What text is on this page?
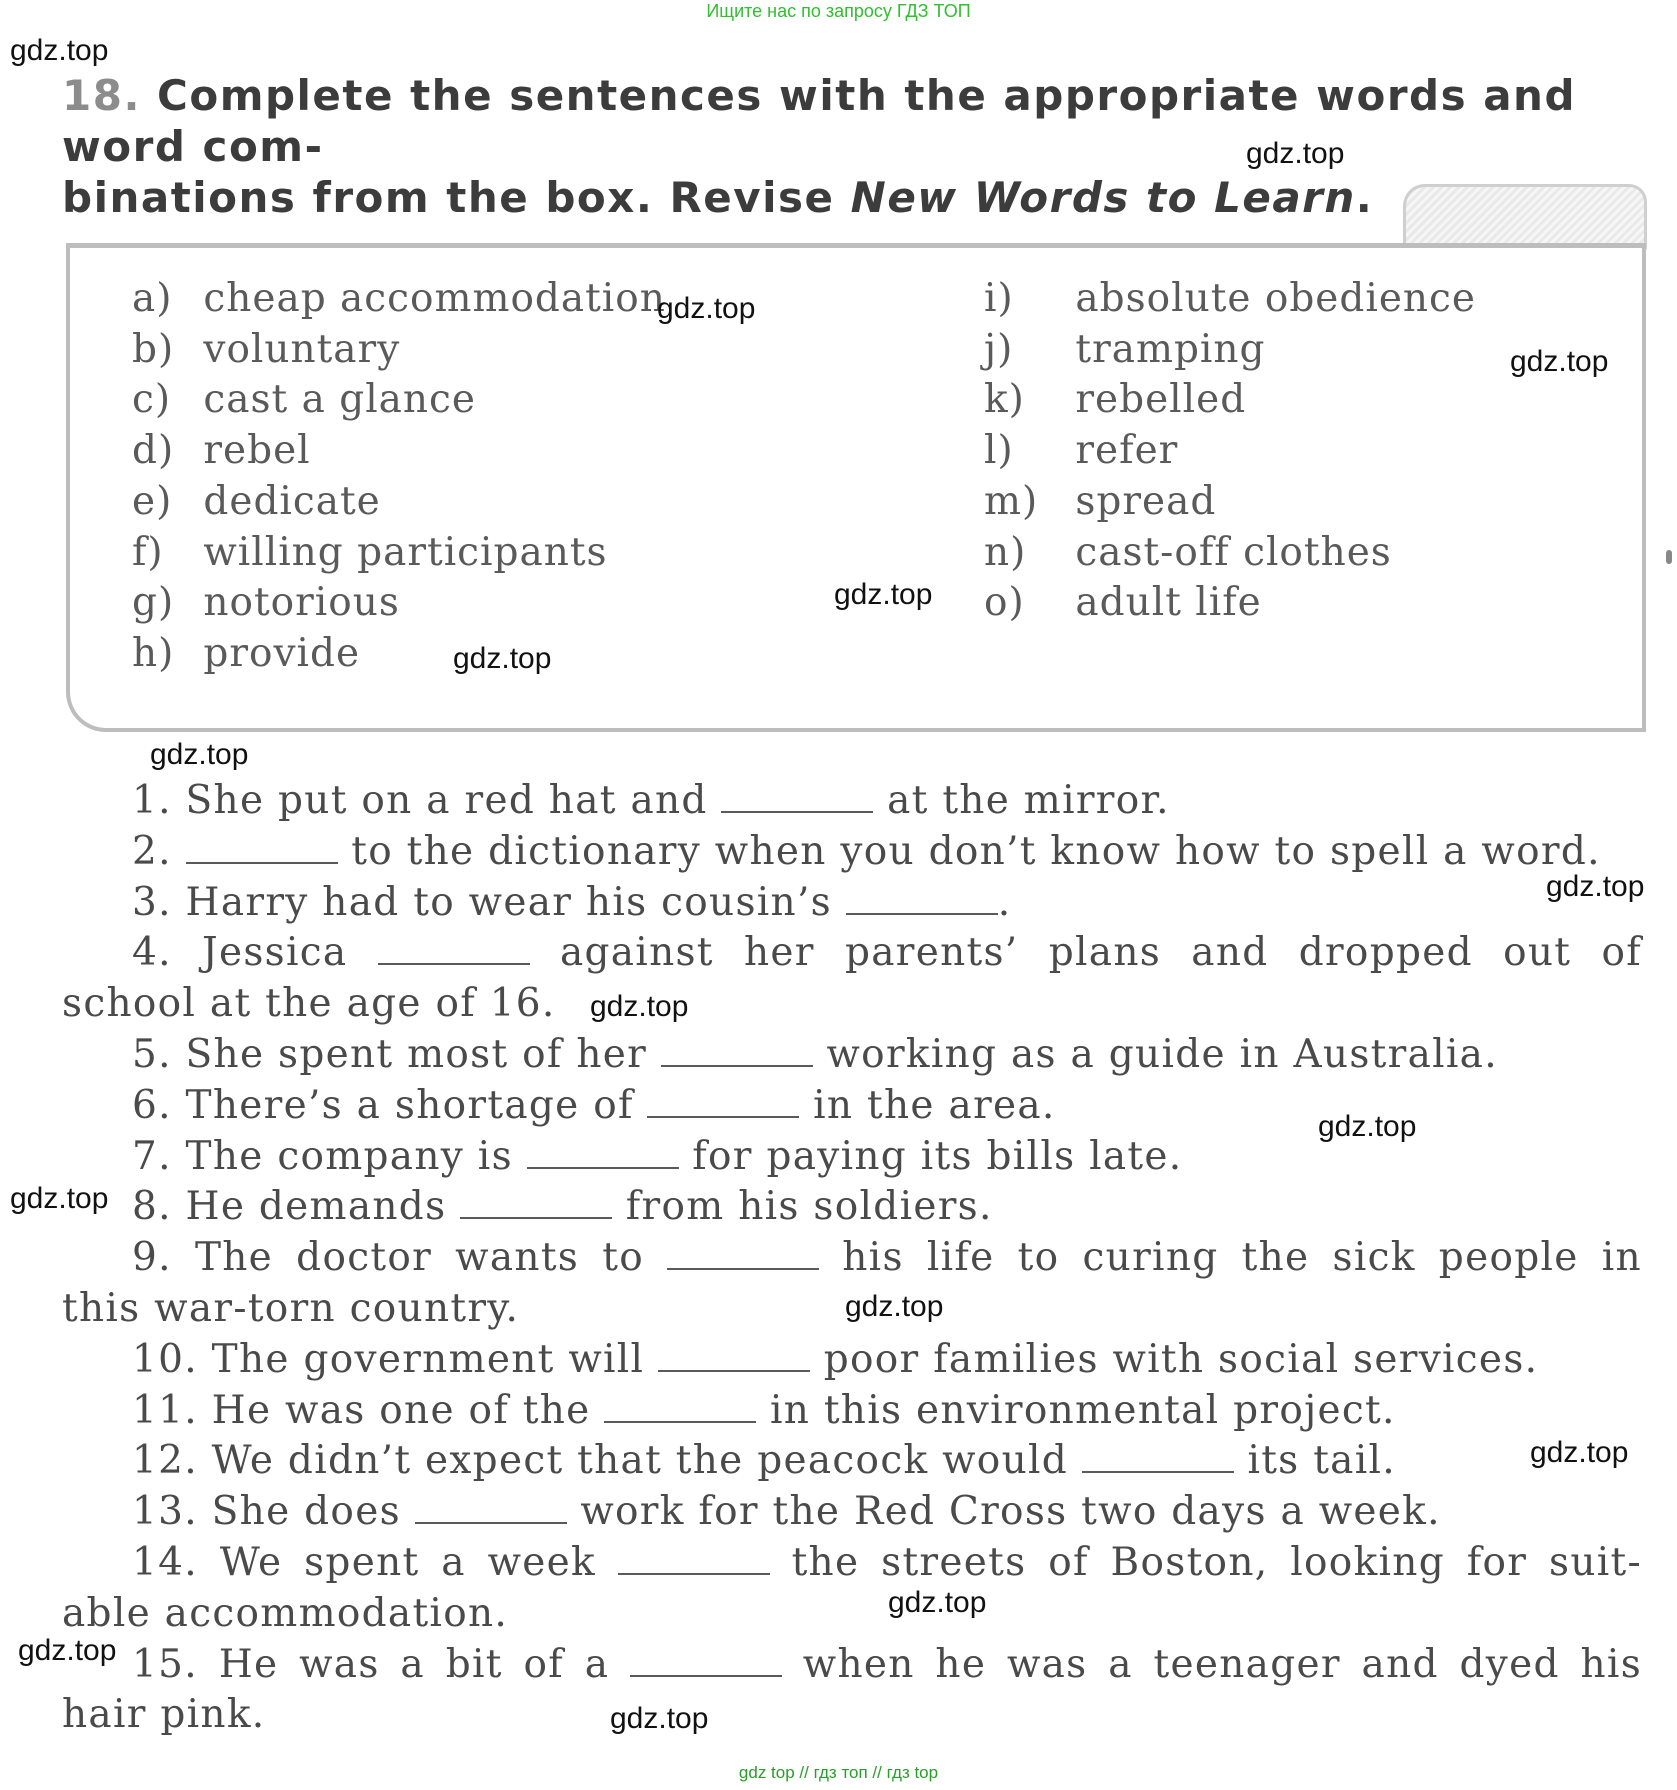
Ищите нас по запросу ГДЗ ТОП
18. Complete the sentences with the appropriate words and word com-
binations from the box. Revise New Words to Learn.
a) cheap accommodation
b) voluntary
c) cast a glance
d) rebel
e) dedicate
f) willing participants
g) notorious
h) provide
i) absolute obedience
j) tramping
k) rebelled
l) refer
m) spread
n) cast-off clothes
o) adult life

1. She put on a red hat and	at the mirror.

2.	to the dictionary when you don’t know how to spell a word.

3. Harry had to wear his cousin’s	.

4. Jessica	against her parents’ plans and dropped out of

school at the age of 16.

5. She spent most of her	working as a guide in Australia.

6. There’s a shortage of	in the area.

7. The company is	for paying its bills late.

8. He demands	from his soldiers.

9. The doctor wants to	his life to curing the sick people in

this war-torn country.

10. The government will	poor families with social services.

11. He was one of the	in this environmental project.

12. We didn’t expect that the peacock would	its tail.

13. She does	work for the Red Cross two days a week.

14. We spent a week	the streets of Boston, looking for suit-

able accommodation.

15. He was a bit of a	when he was a teenager and dyed his

hair pink.

gdz.top
gdz.top
gdz.top
gdz.top
gdz.top
gdz.top
gdz.top
gdz.top
gdz.top
gdz.top
gdz.top
gdz.top
gdz.top
gdz.top
gdz.top
gdz.top
gdz top // гдз топ // гдз top
